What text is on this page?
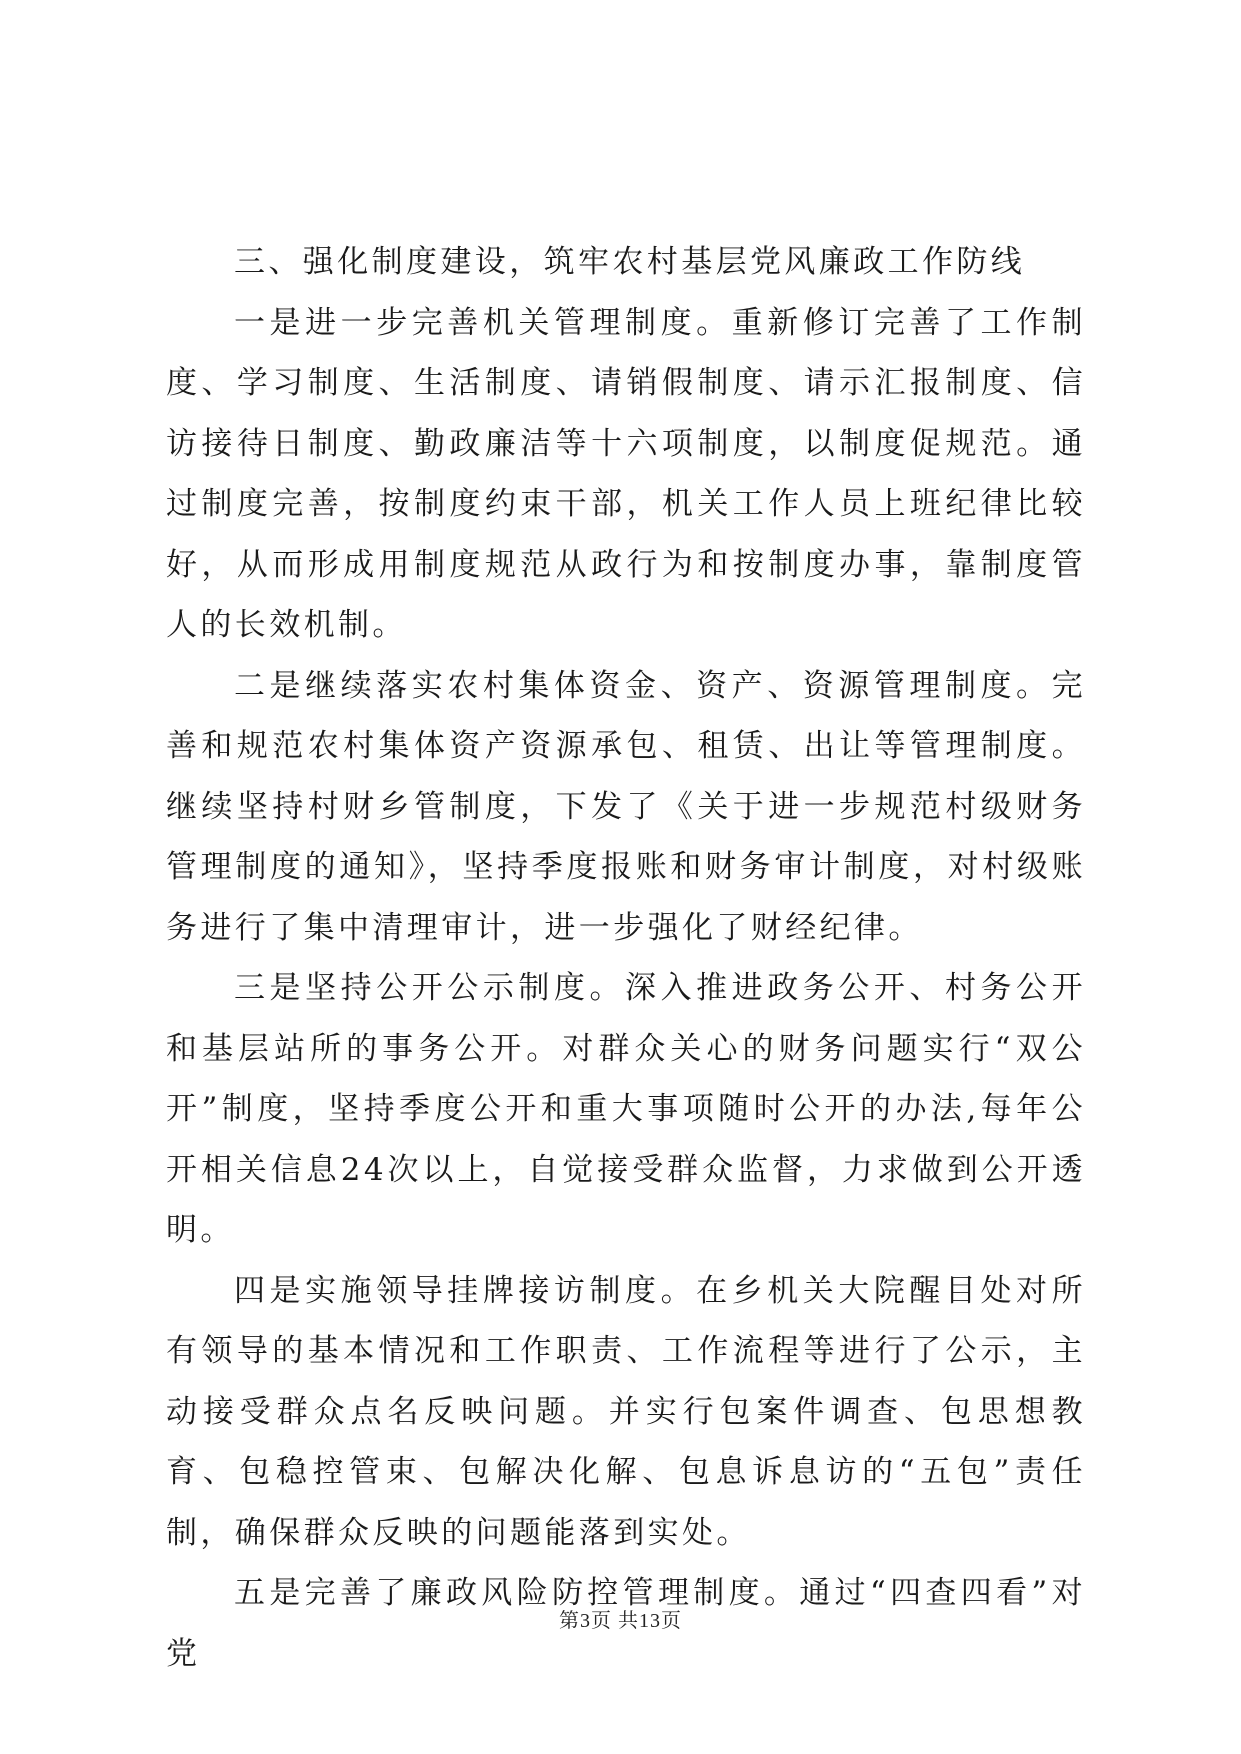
三、强化制度建设，筑牢农村基层党风廉政工作防线

一是进一步完善机关管理制度。重新修订完善了工作制度、学习制度、生活制度、请销假制度、请示汇报制度、信访接待日制度、勤政廉洁等十六项制度，以制度促规范。通过制度完善，按制度约束干部，机关工作人员上班纪律比较好，从而形成用制度规范从政行为和按制度办事，靠制度管人的长效机制。

二是继续落实农村集体资金、资产、资源管理制度。完善和规范农村集体资产资源承包、租赁、出让等管理制度。继续坚持村财乡管制度，下发了《关于进一步规范村级财务管理制度的通知》，坚持季度报账和财务审计制度，对村级账务进行了集中清理审计，进一步强化了财经纪律。

三是坚持公开公示制度。深入推进政务公开、村务公开和基层站所的事务公开。对群众关心的财务问题实行“双公开”制度，坚持季度公开和重大事项随时公开的办法,每年公开相关信息24次以上，自觉接受群众监督，力求做到公开透明。

四是实施领导挂牌接访制度。在乡机关大院醒目处对所有领导的基本情况和工作职责、工作流程等进行了公示，主动接受群众点名反映问题。并实行包案件调查、包思想教育、包稳控管束、包解决化解、包息诉息访的“五包”责任制，确保群众反映的问题能落到实处。

五是完善了廉政风险防控管理制度。通过“四查四看”对党

第3页 共13页
